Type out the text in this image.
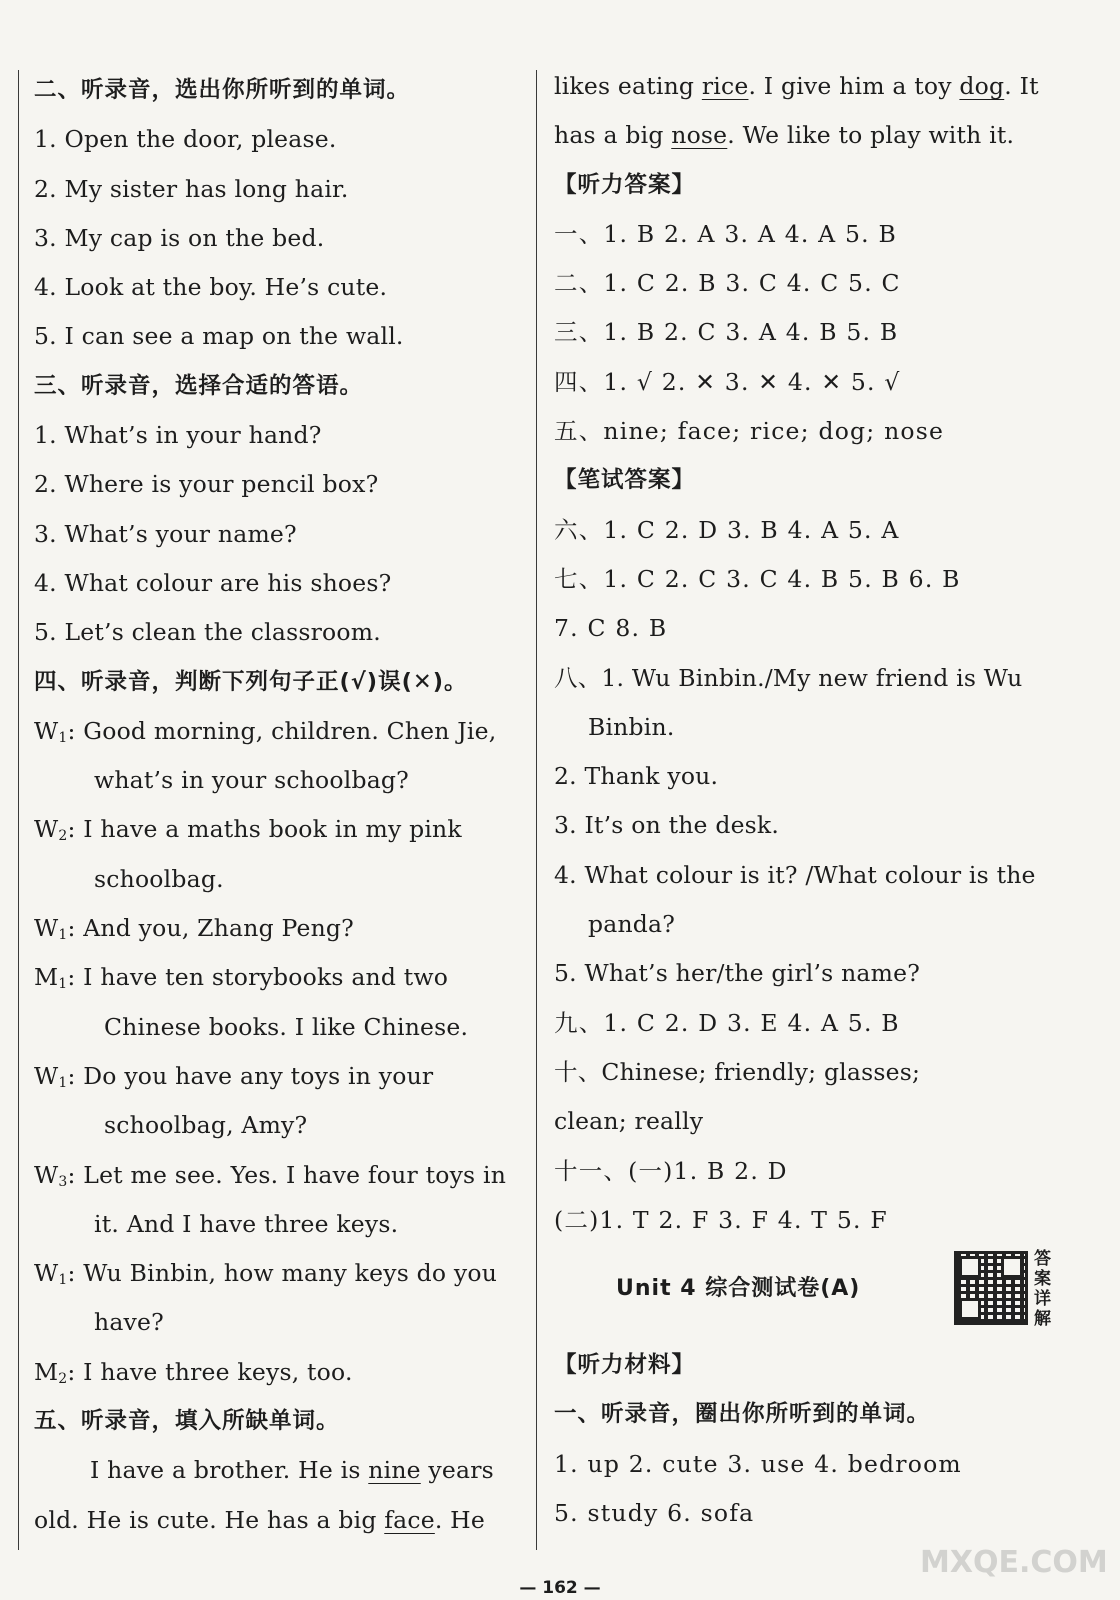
二、听录音，选出你所听到的单词。
1. Open the door, please.
2. My sister has long hair.
3. My cap is on the bed.
4. Look at the boy. He’s cute.
5. I can see a map on the wall.
三、听录音，选择合适的答语。
1. What’s in your hand?
2. Where is your pencil box?
3. What’s your name?
4. What colour are his shoes?
5. Let’s clean the classroom.
四、听录音，判断下列句子正(√)误(✕)。
$W_1$: Good morning, children. Chen Jie,
what’s in your schoolbag?
$W_2$: I have a maths book in my pink
schoolbag.
$W_1$: And you, Zhang Peng?
$M_1$: I have ten storybooks and two
Chinese books. I like Chinese.
$W_1$: Do you have any toys in your
schoolbag, Amy?
$W_3$: Let me see. Yes. I have four toys in
it. And I have three keys.
$W_1$: Wu Binbin, how many keys do you
have?
$M_2$: I have three keys, too.
五、听录音，填入所缺单词。
I have a brother. He is nine years
old. He is cute. He has a big face. He
likes eating rice. I give him a toy dog. It
has a big nose. We like to play with it.
【听力答案】
一、1. B 2. A 3. A 4. A 5. B
二、1. C 2. B 3. C 4. C 5. C
三、1. B 2. C 3. A 4. B 5. B
四、1. √ 2. ✕ 3. ✕ 4. ✕ 5. √
五、nine; face; rice; dog; nose
【笔试答案】
六、1. C 2. D 3. B 4. A 5. A
七、1. C 2. C 3. C 4. B 5. B 6. B
7. C 8. B
八、1. Wu Binbin./My new friend is Wu
Binbin.
2. Thank you.
3. It’s on the desk.
4. What colour is it? /What colour is the
panda?
5. What’s her/the girl’s name?
九、1. C 2. D 3. E 4. A 5. B
十、Chinese; friendly; glasses;
clean; really
十一、(一)1. B 2. D
(二)1. T 2. F 3. F 4. T 5. F
Unit 4 综合测试卷(A)
答案详解
【听力材料】
一、听录音，圈出你所听到的单词。
1. up 2. cute 3. use 4. bedroom
5. study 6. sofa
— 162 —
MXQE.COM
